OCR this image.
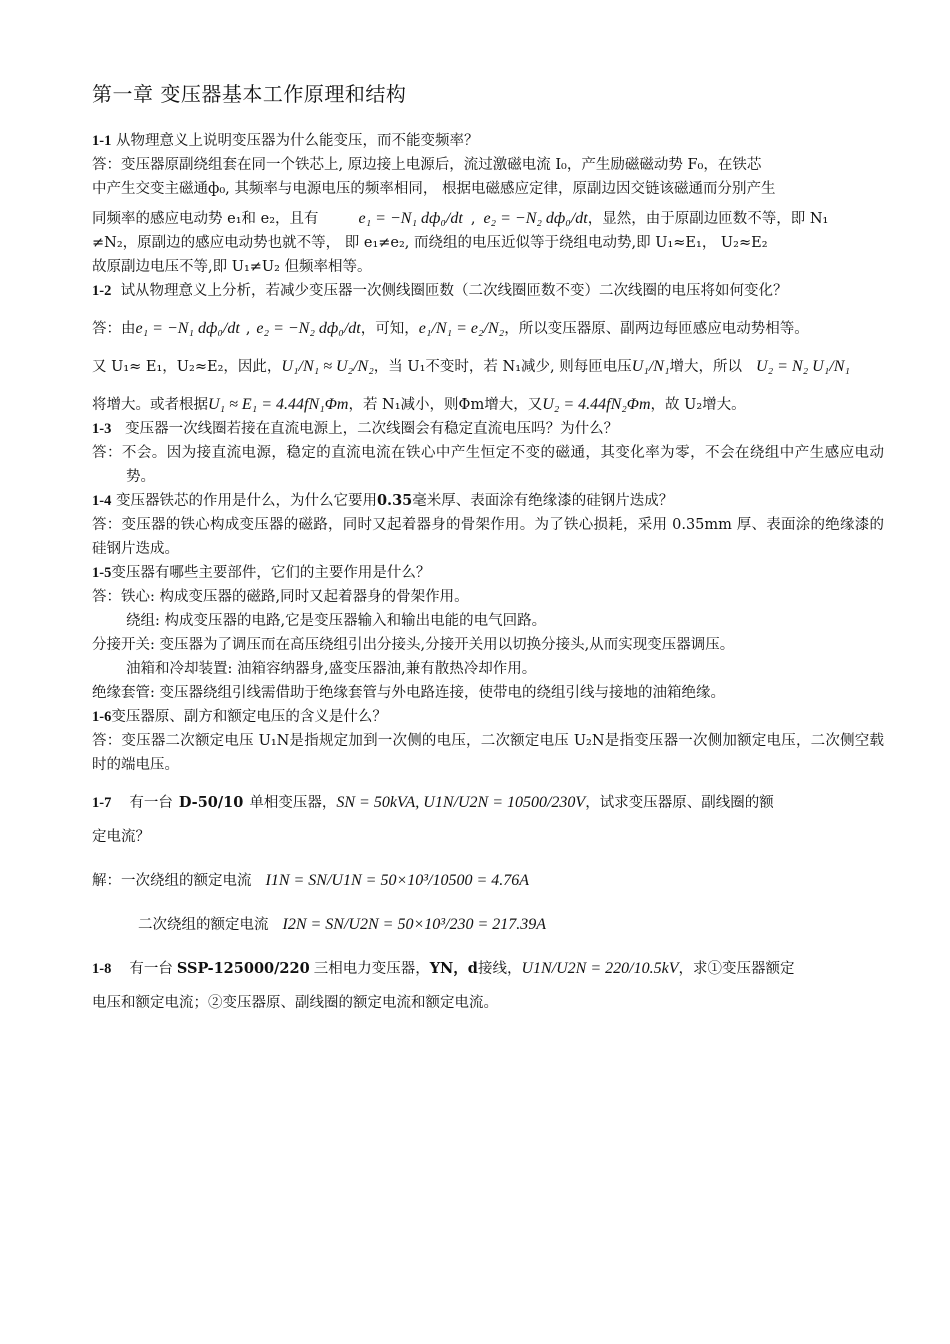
第一章 变压器基本工作原理和结构

1-1 从物理意义上说明变压器为什么能变压，而不能变频率？

答：变压器原副绕组套在同一个铁芯上, 原边接上电源后，流过激磁电流 I₀，产生励磁磁动势 F₀，在铁芯

中产生交变主磁通ф₀, 其频率与电源电压的频率相同， 根据电磁感应定律，原副边因交链该磁通而分别产生

同频率的感应电动势 e₁和 e₂，且有	e₁ = −N₁ dф₀/dt , e₂ = −N₂ dф₀/dt ，显然，由于原副边匝数不等，即 N₁

≠N₂，原副边的感应电动势也就不等， 即 e₁≠e₂, 而绕组的电压近似等于绕组电动势,即 U₁≈E₁， U₂≈E₂

故原副边电压不等,即 U₁≠U₂ 但频率相等。

1-2 试从物理意义上分析，若减少变压器一次侧线圈匝数（二次线圈匝数不变）二次线圈的电压将如何变化？

答：由 e₁ = −N₁ dф₀/dt , e₂ = −N₂ dф₀/dt ，可知， e₁/N₁ = e₂/N₂ ，所以变压器原、副两边每匝感应电动势相等。
又 U₁≈ E₁，U₂≈E₂，因此， U₁/N₁ ≈ U₂/N₂ ，当 U₁不变时，若 N₁减少, 则每匝电压 U₁/N₁ 增大，所以 U₂ = N₂ U₁/N₁
将增大。或者根据 U₁ ≈ E₁ = 4.44fN₁Φm ，若 N₁减小，则Φm增大，又 U₂ = 4.44fN₂Φm ，故 U₂增大。

1-3 变压器一次线圈若接在直流电源上，二次线圈会有稳定直流电压吗？为什么？

答：不会。因为接直流电源，稳定的直流电流在铁心中产生恒定不变的磁通，其变化率为零，不会在绕组中产生感应电动势。

1-4 变压器铁芯的作用是什么，为什么它要用0.35毫米厚、表面涂有绝缘漆的硅钢片迭成？

答：变压器的铁心构成变压器的磁路，同时又起着器身的骨架作用。为了铁心损耗，采用 0.35mm 厚、表面涂的绝缘漆的硅钢片迭成。

1-5变压器有哪些主要部件，它们的主要作用是什么？

答：铁心: 构成变压器的磁路,同时又起着器身的骨架作用。

绕组: 构成变压器的电路,它是变压器输入和输出电能的电气回路。

分接开关: 变压器为了调压而在高压绕组引出分接头,分接开关用以切换分接头,从而实现变压器调压。

油箱和冷却装置: 油箱容纳器身,盛变压器油,兼有散热冷却作用。

绝缘套管: 变压器绕组引线需借助于绝缘套管与外电路连接，使带电的绕组引线与接地的油箱绝缘。

1-6变压器原、副方和额定电压的含义是什么？

答：变压器二次额定电压 U₁N是指规定加到一次侧的电压，二次额定电压 U₂N是指变压器一次侧加额定电压，二次侧空载时的端电压。

1-7 有一台 D-50/10 单相变压器， SN = 50kVA, U1N/U2N = 10500/230V ，试求变压器原、副线圈的额

定电流？

解：一次绕组的额定电流 I1N = SN/U1N = 50×10³/10500 = 4.76A
二次绕组的额定电流 I2N = SN/U2N = 50×10³/230 = 217.39A
1-8 有一台 SSP-125000/220 三相电力变压器， YN，d 接线， U1N/U2N = 220/10.5kV ，求①变压器额定

电压和额定电流；②变压器原、副线圈的额定电流和额定电流。
